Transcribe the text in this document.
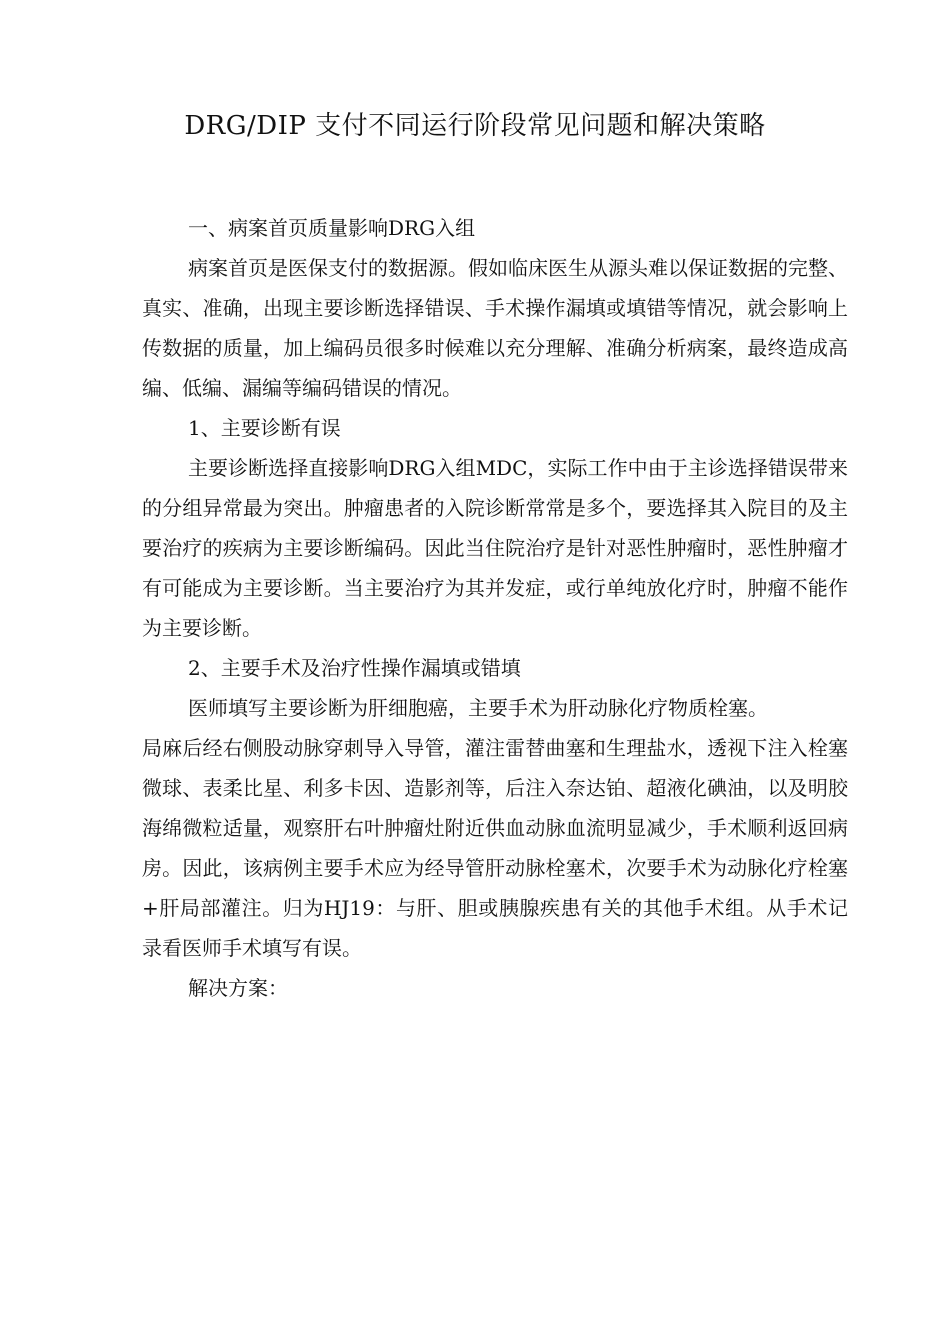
DRG/DIP 支付不同运行阶段常见问题和解决策略

一、病案首页质量影响DRG入组

病案首页是医保支付的数据源。假如临床医生从源头难以保证数据的完整、真实、准确，出现主要诊断选择错误、手术操作漏填或填错等情况，就会影响上传数据的质量，加上编码员很多时候难以充分理解、准确分析病案，最终造成高编、低编、漏编等编码错误的情况。

1、主要诊断有误

主要诊断选择直接影响DRG入组MDC，实际工作中由于主诊选择错误带来的分组异常最为突出。肿瘤患者的入院诊断常常是多个，要选择其入院目的及主要治疗的疾病为主要诊断编码。因此当住院治疗是针对恶性肿瘤时，恶性肿瘤才有可能成为主要诊断。当主要治疗为其并发症，或行单纯放化疗时，肿瘤不能作为主要诊断。

2、主要手术及治疗性操作漏填或错填

医师填写主要诊断为肝细胞癌，主要手术为肝动脉化疗物质栓塞。

局麻后经右侧股动脉穿刺导入导管，灌注雷替曲塞和生理盐水，透视下注入栓塞微球、表柔比星、利多卡因、造影剂等，后注入奈达铂、超液化碘油，以及明胶海绵微粒适量，观察肝右叶肿瘤灶附近供血动脉血流明显减少，手术顺利返回病房。因此，该病例主要手术应为经导管肝动脉栓塞术，次要手术为动脉化疗栓塞+肝局部灌注。归为HJ19：与肝、胆或胰腺疾患有关的其他手术组。从手术记录看医师手术填写有误。

解决方案：
